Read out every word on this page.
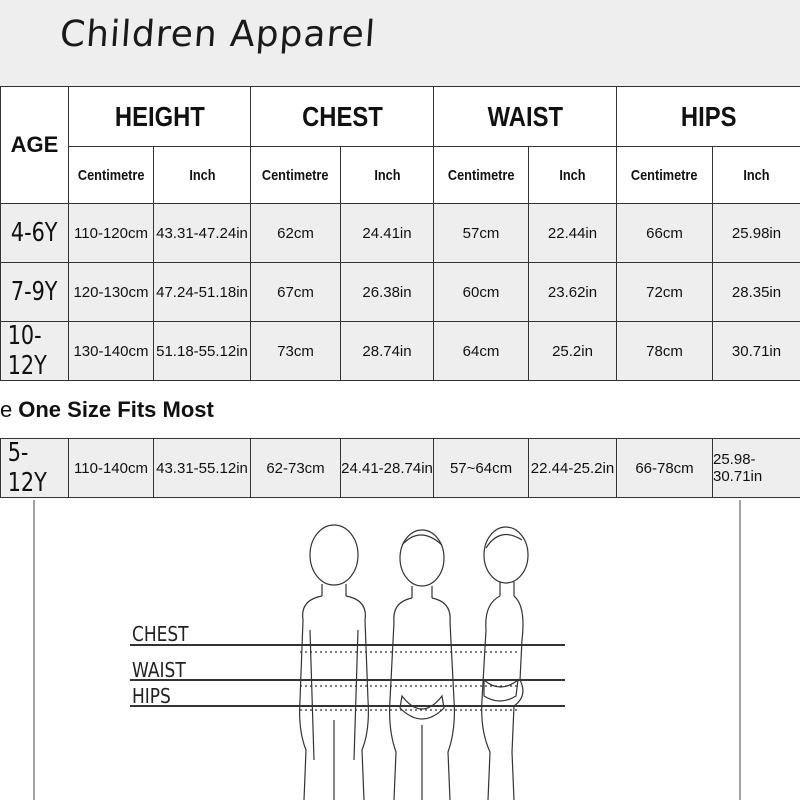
Children Apparel
AGE
HEIGHT	CHEST	WAIST	HIPS
Centimetre	Inch	Centimetre	Inch	Centimetre	Inch	Centimetre	Inch
4-6Y 110-120cm 43.31-47.24in 62cm	24.41in	57cm	22.44in	66cm	25.98in
7-9Y 120-130cm 47.24-51.18in 67cm	26.38in	60cm	23.62in	72cm	28.35in
10-12Y	130-140cm 51.18-55.12in 73cm	28.74in	64cm	25.2in	78cm	30.71in
5-12Y	110-140cm 43.31-55.12in 62-73cm 24.41-28.74in 57~64cm 22.44-25.2in 66-78cm 25.98-30.71in
e One Size Fits Most
CHEST
WAIST
HIPS
